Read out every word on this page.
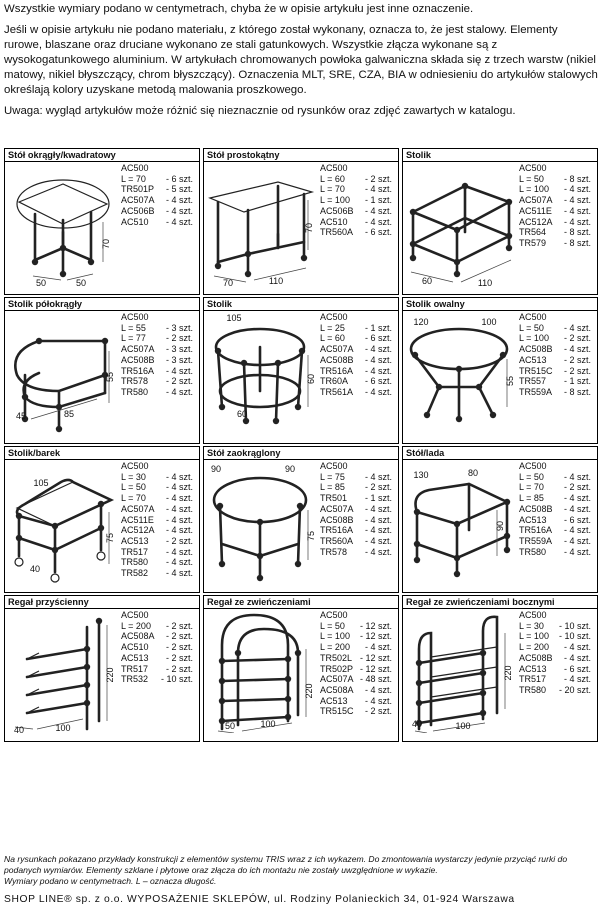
Wszystkie wymiary podano w centymetrach, chyba że w opisie artykułu jest inne oznaczenie.

Jeśli w opisie artykułu nie podano materiału, z którego został wykonany, oznacza to, że jest stalowy. Elementy rurowe, blaszane oraz druciane wykonano ze stali gatunkowych. Wszystkie złącza wykonane są z wysokogatunkowego aluminium. W artykułach chromowanych powłoka galwaniczna składa się z trzech warstw (nikiel matowy, nikiel błyszczący, chrom błyszczący). Oznaczenia MLT, SRE, CZA, BIA w odniesieniu do artykułów stalowych określają kolory uzyskane metodą malowania proszkowego.

Uwaga: wygląd artykułów może różnić się nieznacznie od rysunków oraz zdjęć zawartych w katalogu.

Stół okrągły/kwadratowy
50	50
70
AC500
L = 70 - 6 szt.
TR501P - 5 szt.
AC507A - 4 szt.
AC506B - 4 szt.
AC510 - 4 szt.
Stół prostokątny
70	110
70
AC500
L = 60 - 2 szt.
L = 70 - 4 szt.
L = 100 - 1 szt.
AC506B - 4 szt.
AC510 - 4 szt.
TR560A - 6 szt.
Stolik
60	110
AC500
L = 50 - 8 szt.
L = 100 - 4 szt.
AC507A - 4 szt.
AC511E - 4 szt.
AC512A - 4 szt.
TR564 - 8 szt.
TR579 - 8 szt.
Stolik półokrągły
45	85
55
AC500
L = 55 - 3 szt.
L = 77 - 2 szt.
AC507A - 3 szt.
AC508B - 3 szt.
TR516A - 4 szt.
TR578 - 2 szt.
TR580 - 4 szt.
Stolik
105
60
60
AC500
L = 25 - 1 szt.
L = 60 - 6 szt.
AC507A - 4 szt.
AC508B - 4 szt.
TR516A - 4 szt.
TR60A - 6 szt.
TR561A - 4 szt.
Stolik owalny
120	100
55
AC500
L = 50 - 4 szt.
L = 100 - 2 szt.
AC508B - 4 szt.
AC513 - 2 szt.
TR515C - 2 szt.
TR557 - 1 szt.
TR559A - 8 szt.
Stolik/barek
105
40
75
AC500
L = 30 - 4 szt.
L = 50 - 4 szt.
L = 70 - 4 szt.
AC507A - 4 szt.
AC511E - 4 szt.
AC512A - 4 szt.
AC513 - 2 szt.
TR517 - 4 szt.
TR580 - 4 szt.
TR582 - 4 szt.
Stół zaokrąglony
90	90
75
AC500
L = 75 - 4 szt.
L = 85 - 2 szt.
TR501 - 1 szt.
AC507A - 4 szt.
AC508B - 4 szt.
TR516A - 4 szt.
TR560A - 4 szt.
TR578 - 4 szt.
Stół/lada
130	80
90
AC500
L = 50 - 4 szt.
L = 70 - 2 szt.
L = 85 - 4 szt.
AC508B - 4 szt.
AC513 - 6 szt.
TR516A - 4 szt.
TR559A - 4 szt.
TR580 - 4 szt.
Regał przyścienny
40	100
220
AC500
L = 200 - 2 szt.
AC508A - 2 szt.
AC510 - 2 szt.
AC513 - 2 szt.
TR517 - 2 szt.
TR532 - 10 szt.
Regał ze zwieńczeniami
50	100
220
AC500
L = 50 - 12 szt.
L = 100 - 12 szt.
L = 200 - 4 szt.
TR502L - 12 szt.
TR502P - 12 szt.
AC507A - 48 szt.
AC508A - 4 szt.
AC513 - 4 szt.
TR515C - 2 szt.
Regał ze zwieńczeniami bocznymi
40	100
220
AC500
L = 30 - 10 szt.
L = 100 - 10 szt.
L = 200 - 4 szt.
AC508B - 4 szt.
AC513 - 6 szt.
TR517 - 4 szt.
TR580 - 20 szt.

Na rysunkach pokazano przykłady konstrukcji z elementów systemu TRIS wraz z ich wykazem. Do zmontowania wystarczy jedynie przyciąć rurki do podanych wymiarów. Elementy szklane i płytowe oraz złącza do ich montażu nie zostały uwzględnione w wykazie.

Wymiary podano w centymetrach. L – oznacza długość.

SHOP LINE® sp. z o.o. WYPOSAŻENIE SKLEPÓW, ul. Rodziny Polanieckich 34, 01-924 Warszawa
